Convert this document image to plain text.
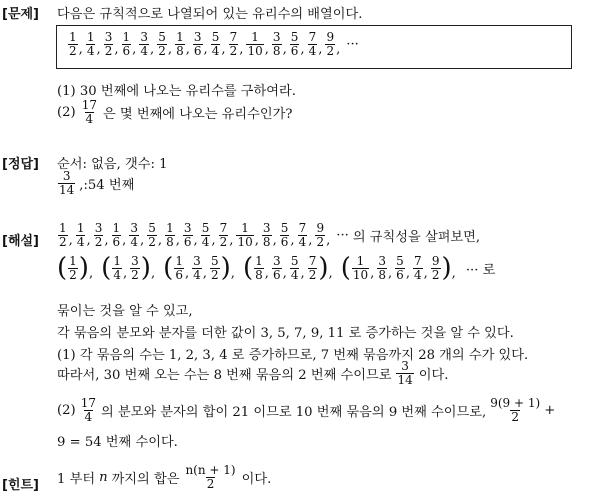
[문제] 다음은 규칙적으로 나열되어 있는 유리수의 배열이다.
$\frac{1}{2}$ , $\frac{1}{4}$ , $\frac{3}{2}$ , $\frac{1}{6}$ , $\frac{3}{4}$ , $\frac{5}{2}$ , $\frac{1}{8}$ , $\frac{3}{6}$ , $\frac{5}{4}$ , $\frac{7}{2}$ , $\frac{1}{10}$ , $\frac{3}{8}$ , $\frac{5}{6}$ , $\frac{7}{4}$ , $\frac{9}{2}$ , ···
(1) 30 번째에 나오는 유리수를 구하여라.
$(2) \frac{17}{4}$ 은 몇 번째에 나오는 유리수인가?
[정답] 순서: 없음, 갯수: 1
$\frac{3}{14}$ ,:54 번째
[해설] $\frac{1}{2}$ , $\frac{1}{4}$ , $\frac{3}{2}$ , $\frac{1}{6}$ , $\frac{3}{4}$ , $\frac{5}{2}$ , $\frac{1}{8}$ , $\frac{3}{6}$ , $\frac{5}{4}$ , $\frac{7}{2}$ , $\frac{1}{10}$ , $\frac{3}{8}$ , $\frac{5}{6}$ , $\frac{7}{4}$ , $\frac{9}{2}$ , ··· 의 규칙성을 살펴보면,
( $\frac{1}{2}$ ) , ( $\frac{1}{4}$ , $\frac{3}{2}$ ) , ( $\frac{1}{6}$ , $\frac{3}{4}$ , $\frac{5}{2}$ ) , ( $\frac{1}{8}$ , $\frac{3}{6}$ , $\frac{5}{4}$ , $\frac{7}{2}$ ) , ( $\frac{1}{10}$ , $\frac{3}{8}$ , $\frac{5}{6}$ , $\frac{7}{4}$ , $\frac{9}{2}$ ) , ··· 로
묶이는 것을 알 수 있고,
각 묶음의 분모와 분자를 더한 값이 3, 5, 7, 9, 11 로 증가하는 것을 알 수 있다.
(1) 각 묶음의 수는 1, 2, 3, 4 로 증가하므로, 7 번째 묶음까지 28 개의 수가 있다.
따라서, 30 번째 오는 수는 8 번째 묶음의 2 번째 수이므로 $\frac{3}{14}$ 이다.
$(2) \frac{17}{4}$ 의 분모와 분자의 합이 21 이므로 10 번째 묶음의 9 번째 수이므로, $\frac{9(9 + 1)}{2}$ +
9 = 54 번째 수이다.
[힌트] 1 부터 n 까지의 합은 $\frac{n(n + 1)}{2}$ 이다.
